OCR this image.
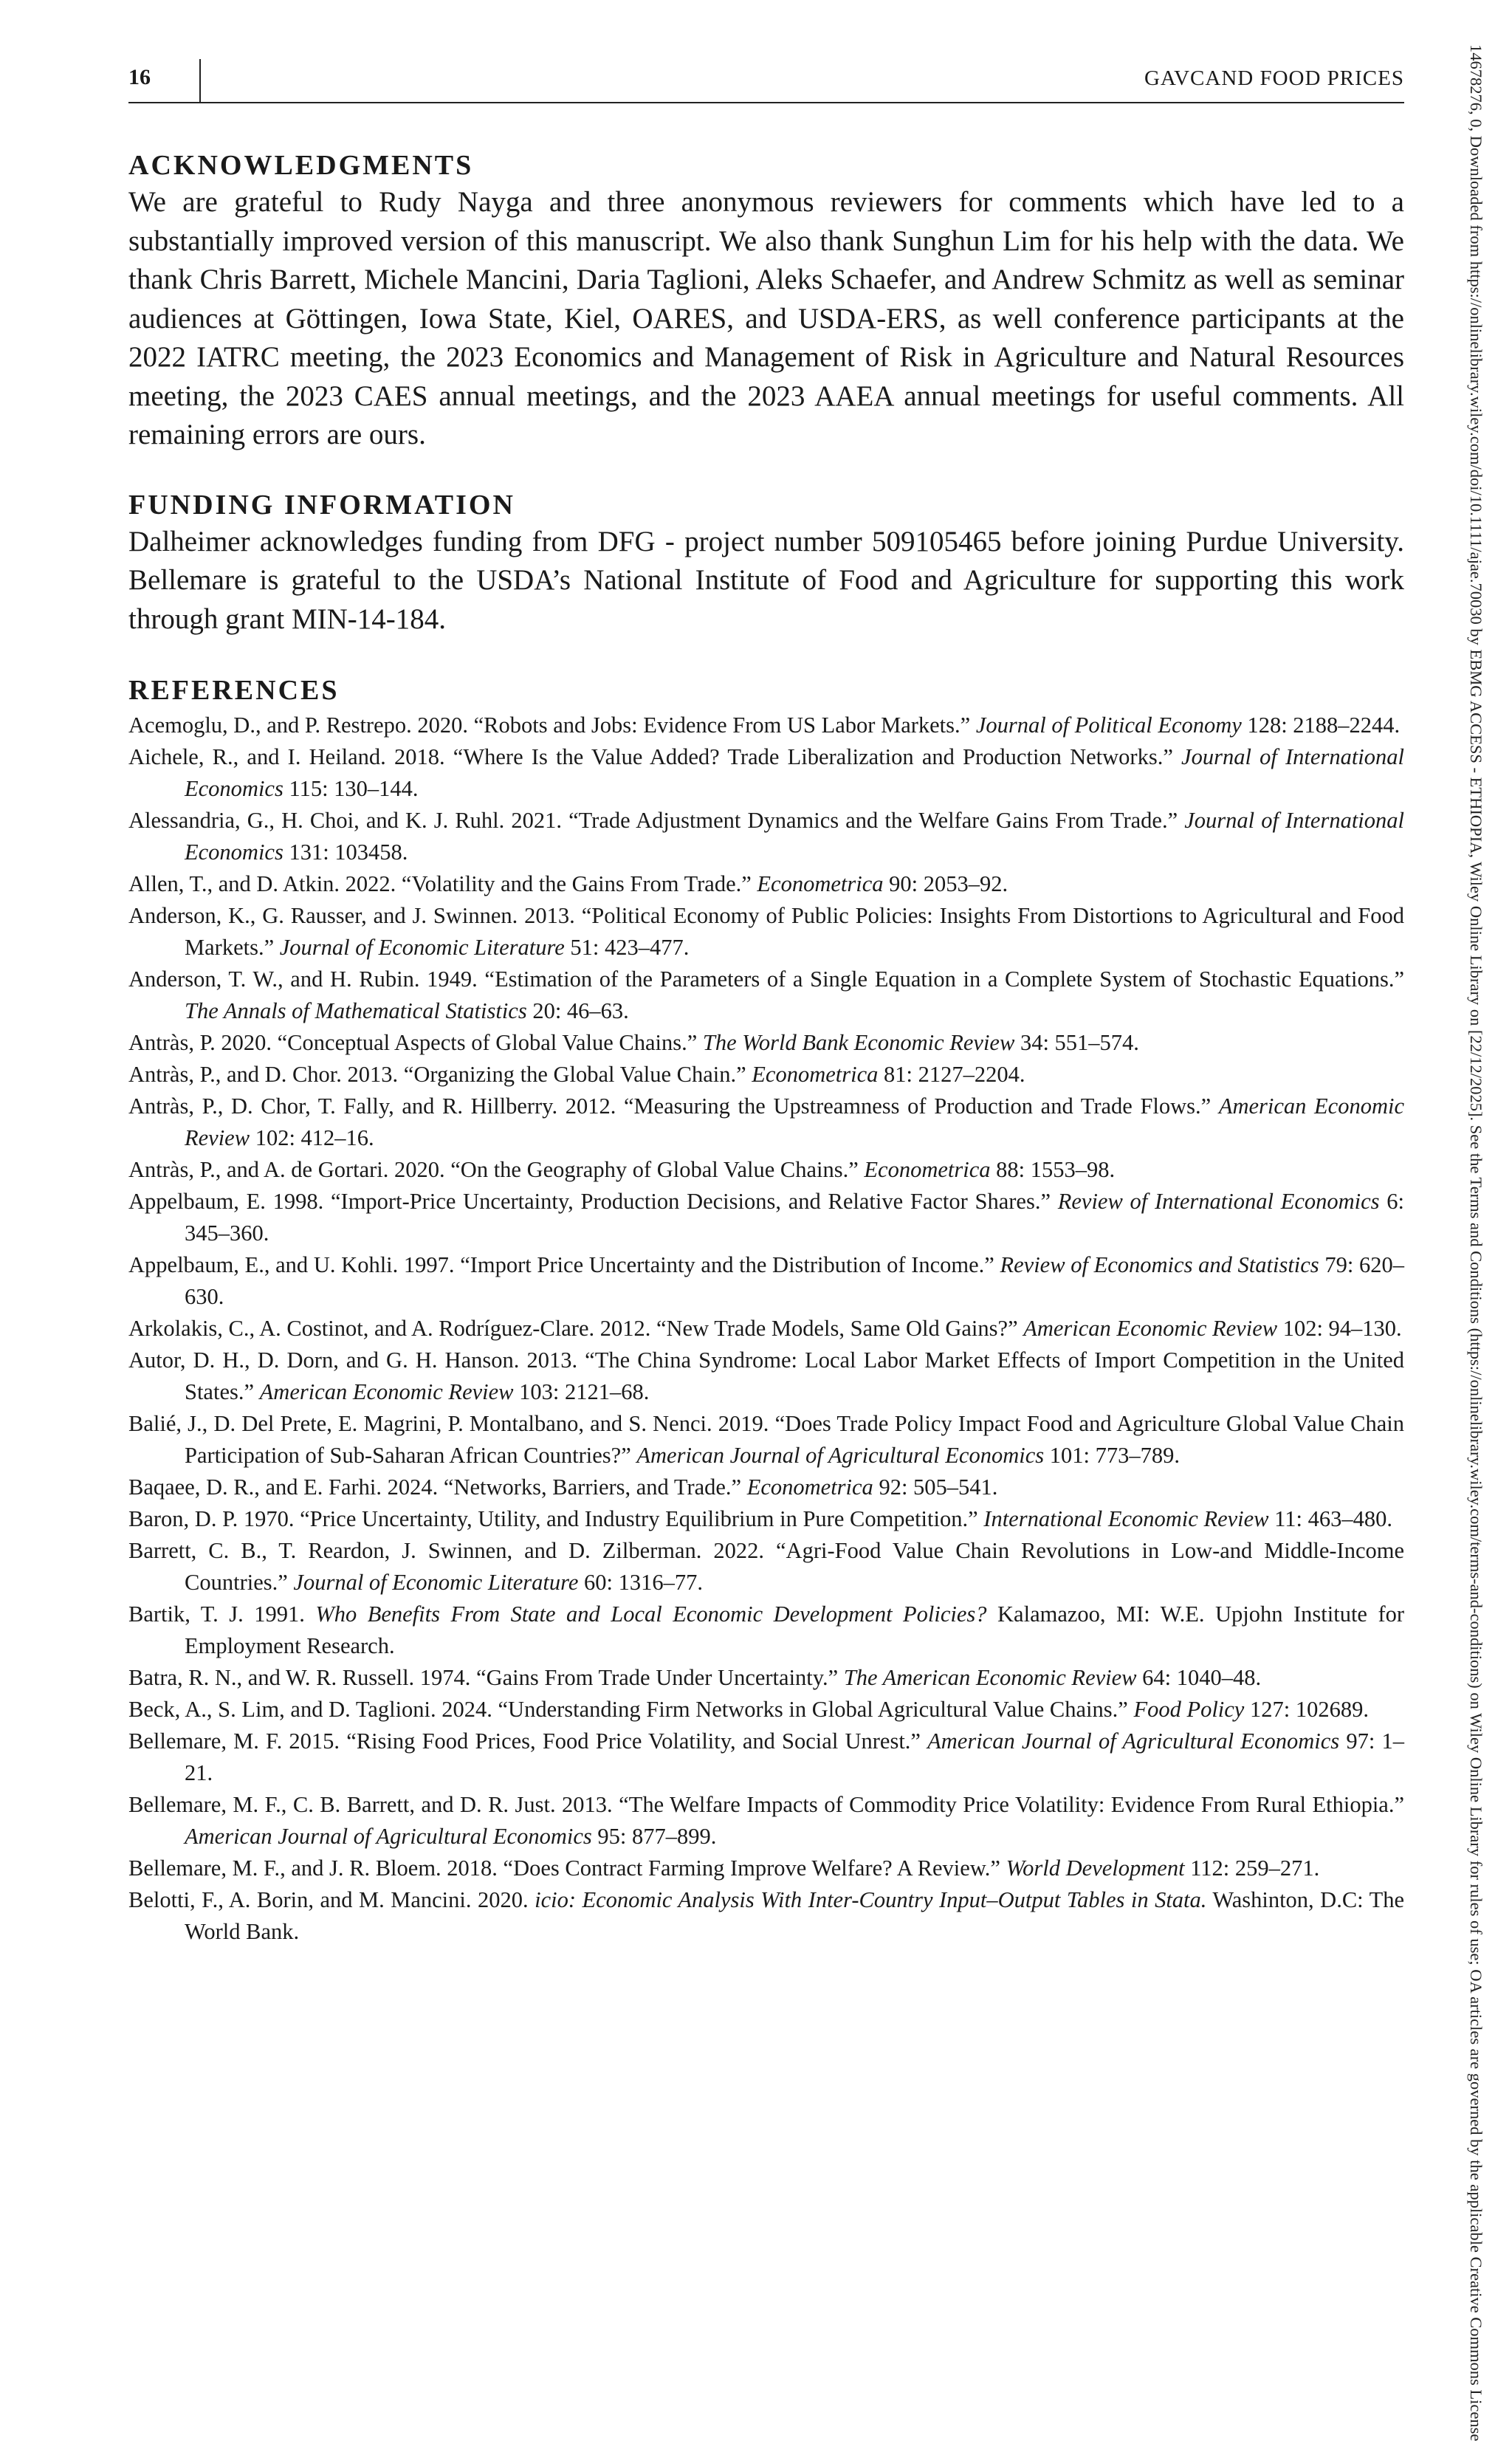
16	GAVCAND FOOD PRICES	14678276, 0, Downloaded from https://onlinelibrary.wiley.com/doi/10.1111/ajae.70030 by EBMG ACCESS - ETHIOPIA, Wiley Online Library on [22/12/2025]. See the Terms and Conditions (https://onlinelibrary.wiley.com/terms-and-conditions) on Wiley Online Library for rules of use; OA articles are governed by the applicable Creative Commons License
ACKNOWLEDGMENTS

We are grateful to Rudy Nayga and three anonymous reviewers for comments which have led to a substantially improved version of this manuscript. We also thank Sunghun Lim for his help with the data. We thank Chris Barrett, Michele Mancini, Daria Taglioni, Aleks Schaefer, and Andrew Schmitz as well as seminar audiences at Göttingen, Iowa State, Kiel, OARES, and USDA-ERS, as well conference participants at the 2022 IATRC meeting, the 2023 Economics and Management of Risk in Agriculture and Natural Resources meeting, the 2023 CAES annual meetings, and the 2023 AAEA annual meetings for useful comments. All remaining errors are ours.

FUNDING INFORMATION

Dalheimer acknowledges funding from DFG - project number 509105465 before joining Purdue University. Bellemare is grateful to the USDA’s National Institute of Food and Agriculture for supporting this work through grant MIN-14-184.

REFERENCES
Acemoglu, D., and P. Restrepo. 2020. “Robots and Jobs: Evidence From US Labor Markets.” Journal of Political Economy 128: 2188–2244.
Aichele, R., and I. Heiland. 2018. “Where Is the Value Added? Trade Liberalization and Production Networks.” Journal of International Economics 115: 130–144.
Alessandria, G., H. Choi, and K. J. Ruhl. 2021. “Trade Adjustment Dynamics and the Welfare Gains From Trade.” Journal of International Economics 131: 103458.
Allen, T., and D. Atkin. 2022. “Volatility and the Gains From Trade.” Econometrica 90: 2053–92.
Anderson, K., G. Rausser, and J. Swinnen. 2013. “Political Economy of Public Policies: Insights From Distortions to Agricultural and Food Markets.” Journal of Economic Literature 51: 423–477.
Anderson, T. W., and H. Rubin. 1949. “Estimation of the Parameters of a Single Equation in a Complete System of Stochastic Equations.” The Annals of Mathematical Statistics 20: 46–63.
Antràs, P. 2020. “Conceptual Aspects of Global Value Chains.” The World Bank Economic Review 34: 551–574.
Antràs, P., and D. Chor. 2013. “Organizing the Global Value Chain.” Econometrica 81: 2127–2204.
Antràs, P., D. Chor, T. Fally, and R. Hillberry. 2012. “Measuring the Upstreamness of Production and Trade Flows.” American Economic Review 102: 412–16.
Antràs, P., and A. de Gortari. 2020. “On the Geography of Global Value Chains.” Econometrica 88: 1553–98.
Appelbaum, E. 1998. “Import-Price Uncertainty, Production Decisions, and Relative Factor Shares.” Review of International Economics 6: 345–360.
Appelbaum, E., and U. Kohli. 1997. “Import Price Uncertainty and the Distribution of Income.” Review of Economics and Statistics 79: 620–630.
Arkolakis, C., A. Costinot, and A. Rodríguez-Clare. 2012. “New Trade Models, Same Old Gains?” American Economic Review 102: 94–130.
Autor, D. H., D. Dorn, and G. H. Hanson. 2013. “The China Syndrome: Local Labor Market Effects of Import Competition in the United States.” American Economic Review 103: 2121–68.
Balié, J., D. Del Prete, E. Magrini, P. Montalbano, and S. Nenci. 2019. “Does Trade Policy Impact Food and Agriculture Global Value Chain Participation of Sub-Saharan African Countries?” American Journal of Agricultural Economics 101: 773–789.
Baqaee, D. R., and E. Farhi. 2024. “Networks, Barriers, and Trade.” Econometrica 92: 505–541.
Baron, D. P. 1970. “Price Uncertainty, Utility, and Industry Equilibrium in Pure Competition.” International Economic Review 11: 463–480.
Barrett, C. B., T. Reardon, J. Swinnen, and D. Zilberman. 2022. “Agri-Food Value Chain Revolutions in Low-and Middle-Income Countries.” Journal of Economic Literature 60: 1316–77.
Bartik, T. J. 1991. Who Benefits From State and Local Economic Development Policies? Kalamazoo, MI: W.E. Upjohn Institute for Employment Research.
Batra, R. N., and W. R. Russell. 1974. “Gains From Trade Under Uncertainty.” The American Economic Review 64: 1040–48.
Beck, A., S. Lim, and D. Taglioni. 2024. “Understanding Firm Networks in Global Agricultural Value Chains.” Food Policy 127: 102689.
Bellemare, M. F. 2015. “Rising Food Prices, Food Price Volatility, and Social Unrest.” American Journal of Agricultural Economics 97: 1–21.
Bellemare, M. F., C. B. Barrett, and D. R. Just. 2013. “The Welfare Impacts of Commodity Price Volatility: Evidence From Rural Ethiopia.” American Journal of Agricultural Economics 95: 877–899.
Bellemare, M. F., and J. R. Bloem. 2018. “Does Contract Farming Improve Welfare? A Review.” World Development 112: 259–271.
Belotti, F., A. Borin, and M. Mancini. 2020. icio: Economic Analysis With Inter-Country Input–Output Tables in Stata. Washinton, D.C: The World Bank.
